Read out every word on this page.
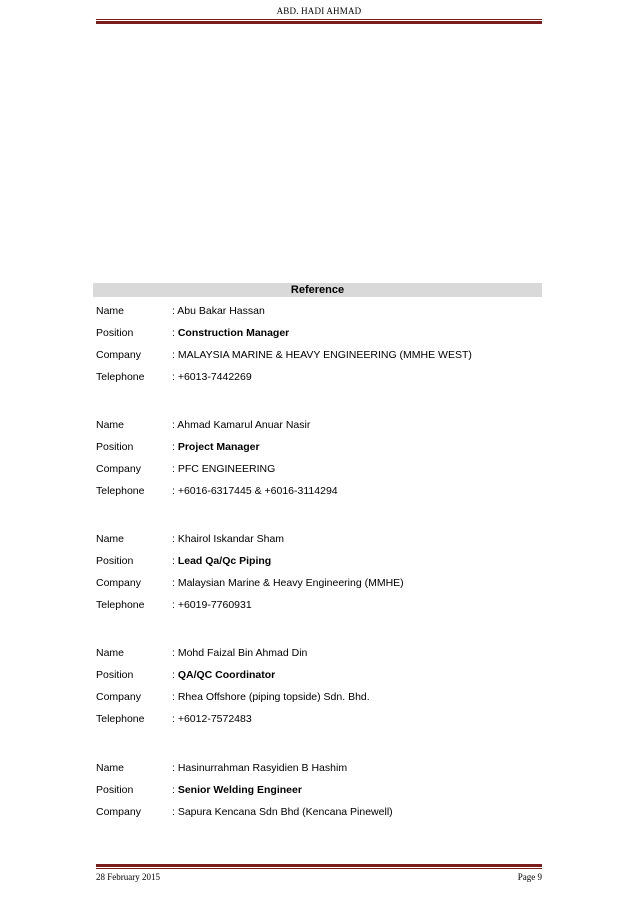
ABD. HADI AHMAD
Reference
Name	: Abu Bakar Hassan
Position	: Construction Manager
Company	: MALAYSIA MARINE & HEAVY ENGINEERING (MMHE WEST)
Telephone	: +6013-7442269
Name	: Ahmad Kamarul Anuar Nasir
Position	: Project Manager
Company	: PFC ENGINEERING
Telephone	: +6016-6317445 & +6016-3114294
Name	: Khairol Iskandar Sham
Position	: Lead Qa/Qc Piping
Company	: Malaysian Marine & Heavy Engineering (MMHE)
Telephone	: +6019-7760931
Name	: Mohd Faizal Bin Ahmad Din
Position	: QA/QC Coordinator
Company	: Rhea Offshore (piping topside) Sdn. Bhd.
Telephone	: +6012-7572483
Name	: Hasinurrahman Rasyidien B Hashim
Position	: Senior Welding Engineer
Company	: Sapura Kencana Sdn Bhd (Kencana Pinewell)
28 February 2015	Page 9
